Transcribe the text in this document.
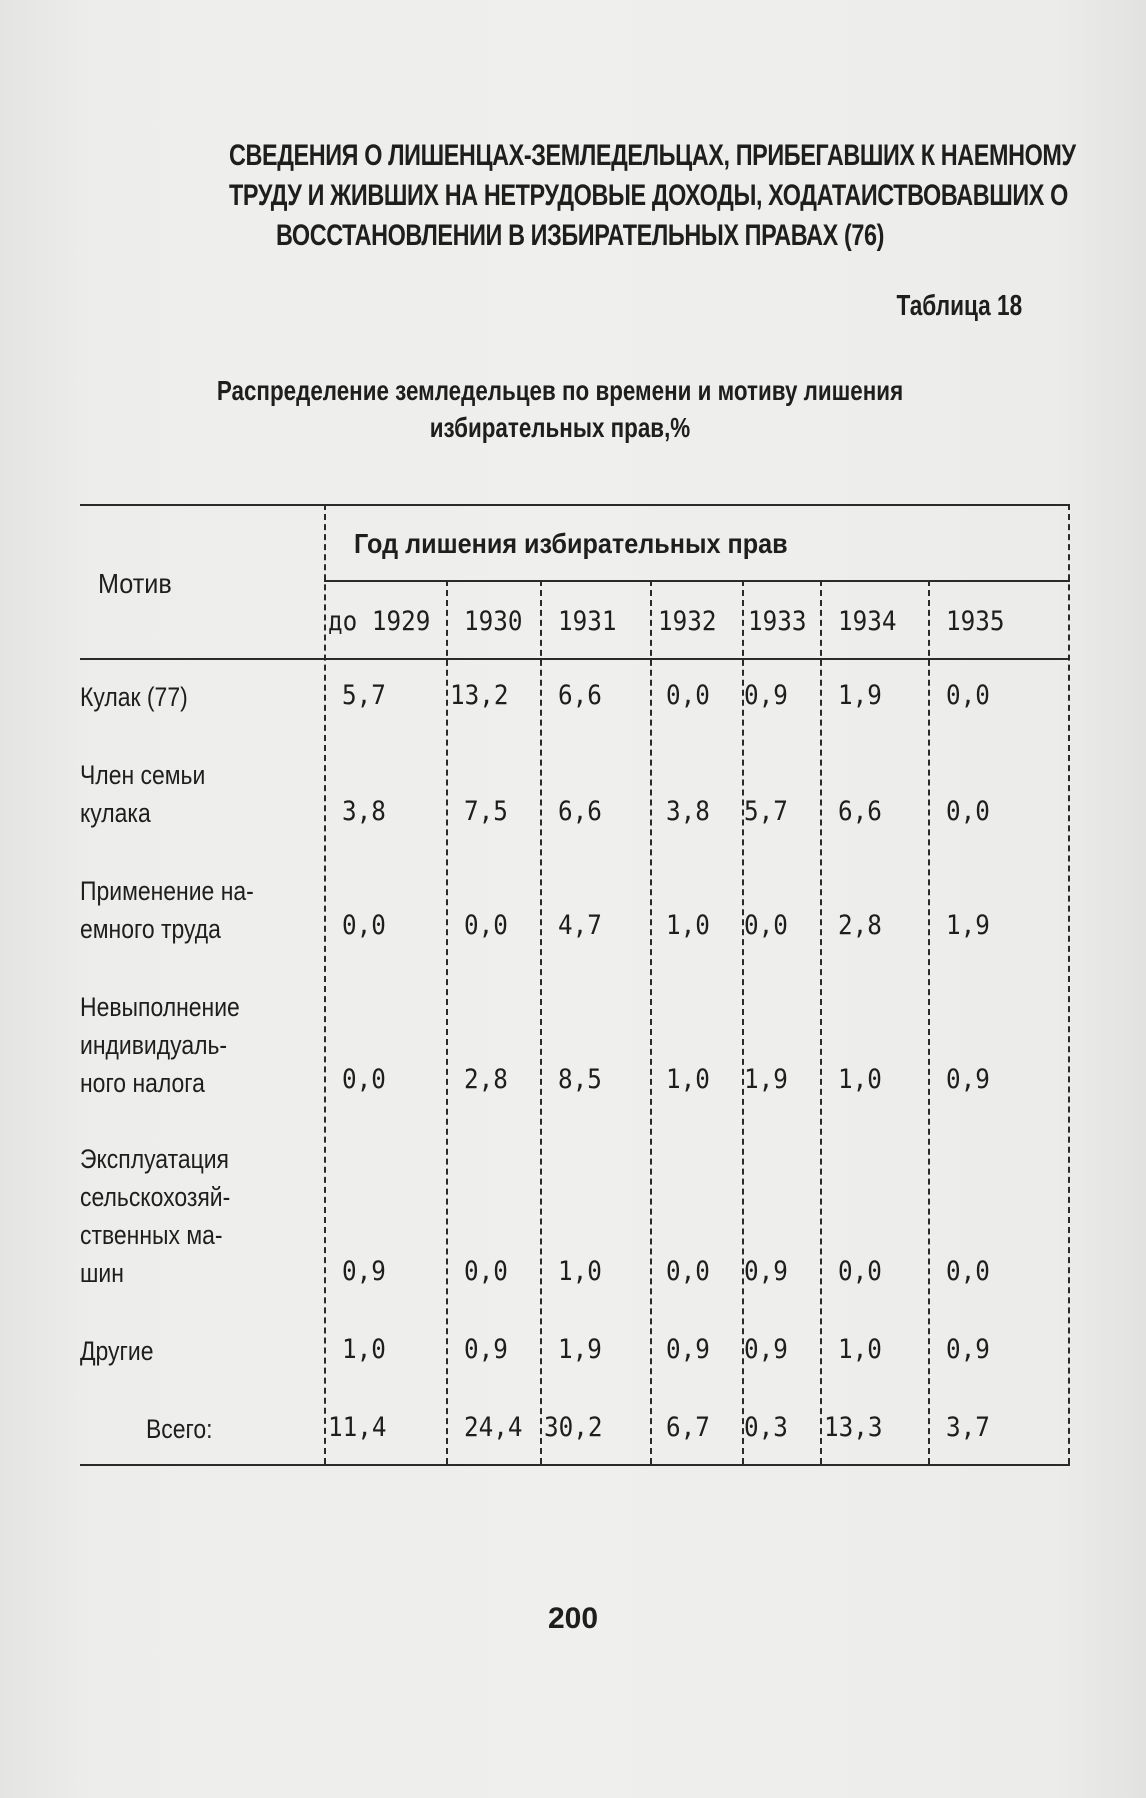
СВЕДЕНИЯ О ЛИШЕНЦАХ-ЗЕМЛЕДЕЛЬЦАХ, ПРИБЕГАВШИХ К НАЕМНОМУ
ТРУДУ И ЖИВШИХ НА НЕТРУДОВЫЕ ДОХОДЫ, ХОДАТАИСТВОВАВШИХ О
ВОССТАНОВЛЕНИИ В ИЗБИРАТЕЛЬНЫХ ПРАВАХ (76)
Таблица 18
Распределение земледельцев по времени и мотиву лишения
избирательных прав,%
Мотив
Год лишения избирательных прав
до 1929 1930 1931 1932 1933 1934 1935
Кулак (77)	5,7 13,2 6,6 0,0 0,9 1,9 0,0
Член семьи
кулака	3,8	7,5 6,6 3,8 5,7 6,6 0,0
Применение на-
емного труда	0,0	0,0 4,7 1,0 0,0 2,8 1,9
Невыполнение
индивидуаль-
ного налога	0,0	2,8 8,5 1,0 1,9 1,0 0,9
Эксплуатация
сельскохозяй-
ственных ма-
шин	0,9	0,0 1,0 0,0 0,9 0,0 0,0
Другие	1,0	0,9 1,9 0,9 0,9 1,0 0,9
Всего:	11,4	24,4 30,2 6,7 0,3 13,3 3,7
200
